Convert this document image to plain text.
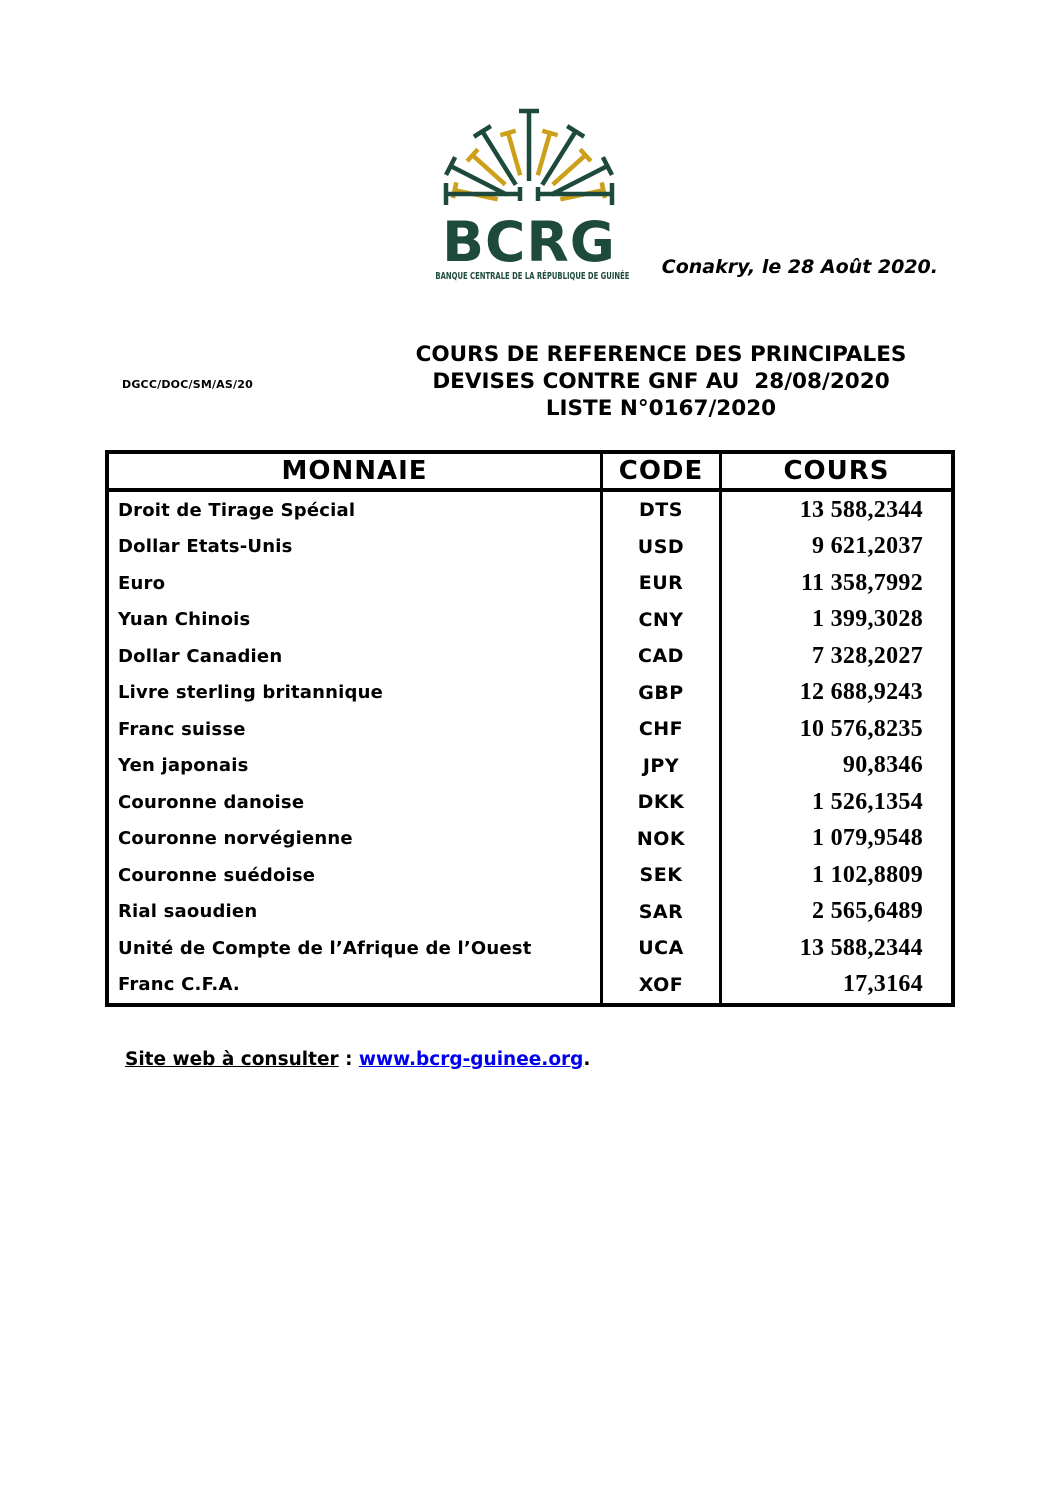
BCRG
BANQUE CENTRALE DE LA RÉPUBLIQUE DE GUINÉE Conakry, le 28 Août 2020.
DGCC/DOC/SM/AS/20
COURS DE REFERENCE DES PRINCIPALES
DEVISES CONTRE GNF AU  28/08/2020
LISTE N°0167/2020
MONNAIE	CODE	COURS
Droit de Tirage Spécial	DTS	13 588,2344
Dollar Etats-Unis	USD	9 621,2037
Euro	EUR	11 358,7992
Yuan Chinois	CNY	1 399,3028
Dollar Canadien	CAD	7 328,2027
Livre sterling britannique	GBP	12 688,9243
Franc suisse	CHF	10 576,8235
Yen japonais	JPY	90,8346
Couronne danoise	DKK	1 526,1354
Couronne norvégienne	NOK	1 079,9548
Couronne suédoise	SEK	1 102,8809
Rial saoudien	SAR	2 565,6489
Unité de Compte de l’Afrique de l’Ouest	UCA	13 588,2344
Franc C.F.A.	XOF	17,3164
Site web à consulter : www.bcrg-guinee.org.
